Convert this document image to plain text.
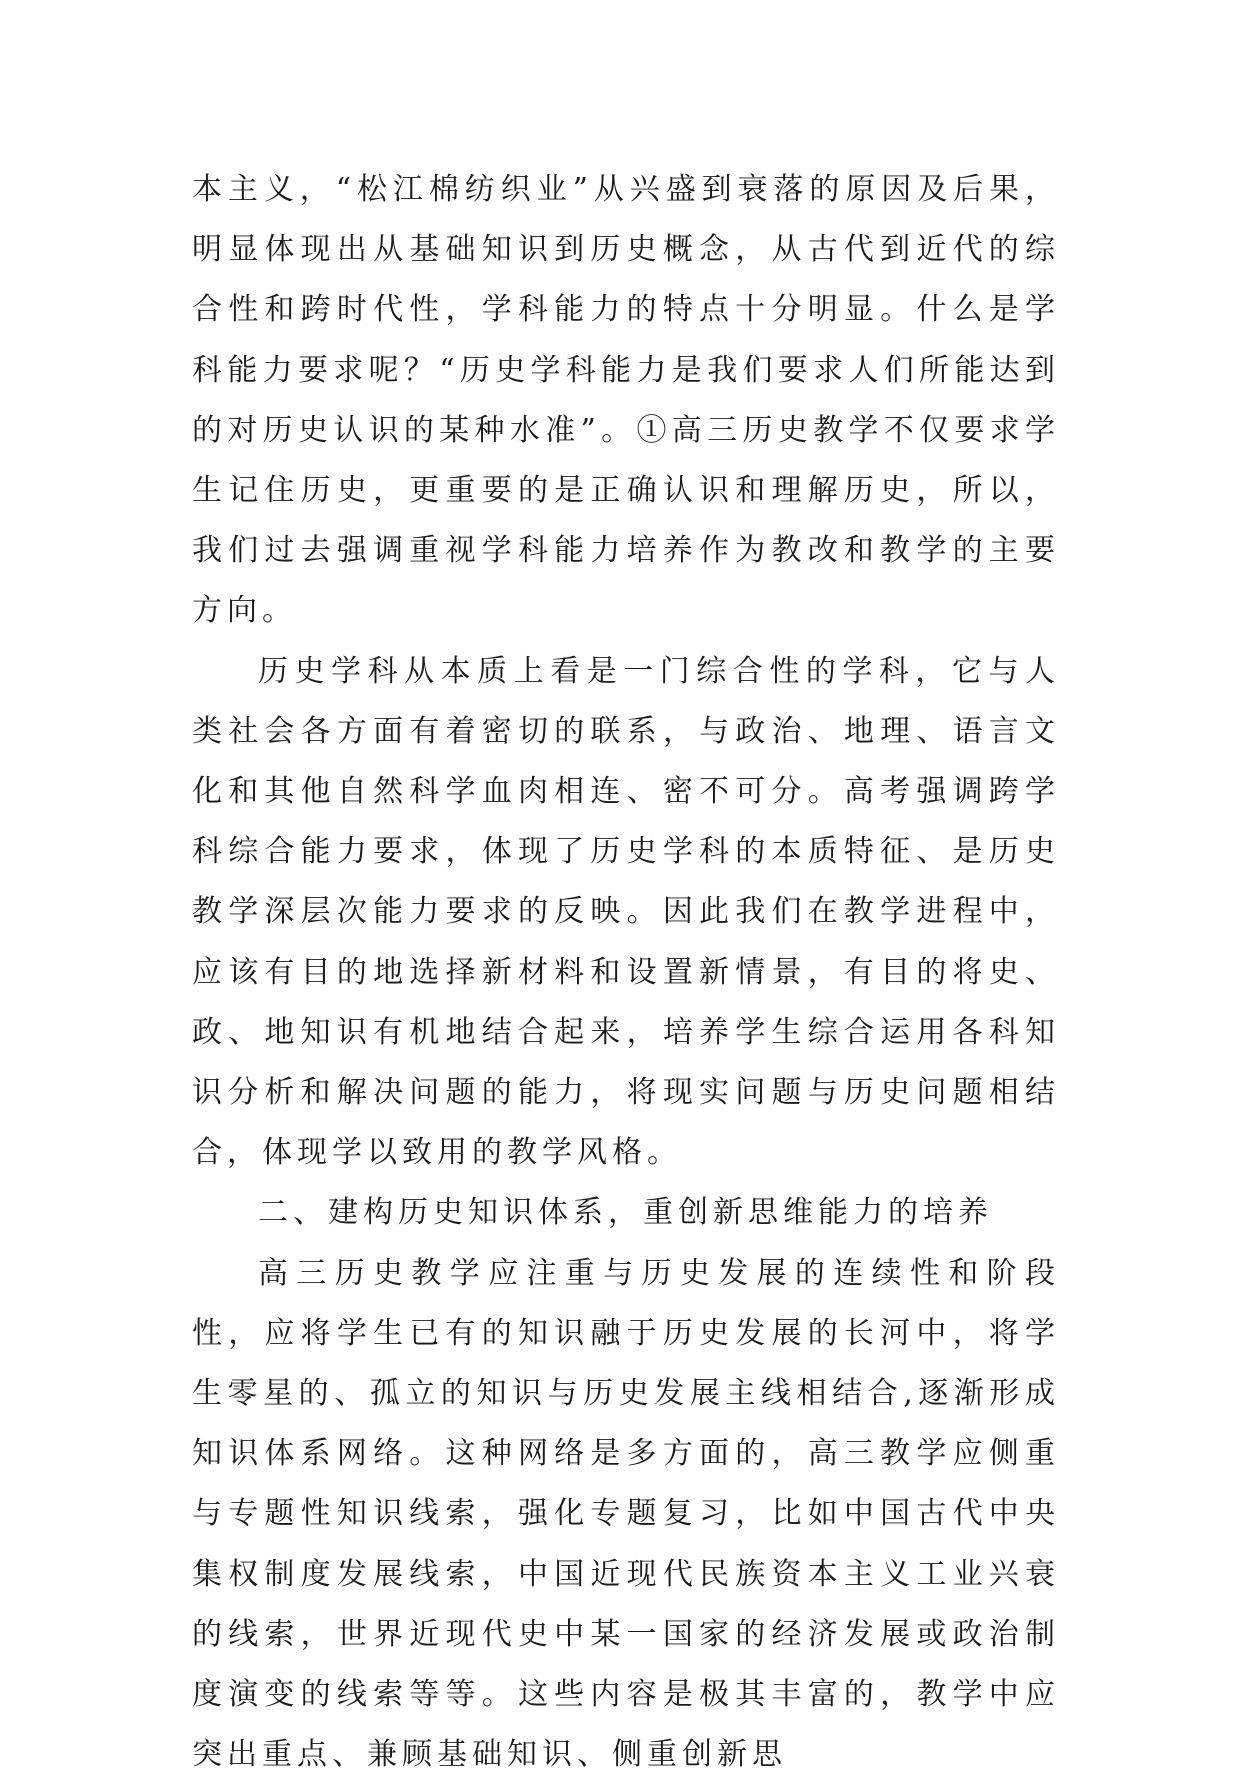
本主义，“松江棉纺织业”从兴盛到衰落的原因及后果，明显体现出从基础知识到历史概念，从古代到近代的综合性和跨时代性，学科能力的特点十分明显。什么是学科能力要求呢？“历史学科能力是我们要求人们所能达到的对历史认识的某种水准”。①高三历史教学不仅要求学生记住历史，更重要的是正确认识和理解历史，所以，我们过去强调重视学科能力培养作为教改和教学的主要方向。

历史学科从本质上看是一门综合性的学科，它与人类社会各方面有着密切的联系，与政治、地理、语言文化和其他自然科学血肉相连、密不可分。高考强调跨学科综合能力要求，体现了历史学科的本质特征、是历史教学深层次能力要求的反映。因此我们在教学进程中，应该有目的地选择新材料和设置新情景，有目的将史、政、地知识有机地结合起来，培养学生综合运用各科知识分析和解决问题的能力，将现实问题与历史问题相结合，体现学以致用的教学风格。

二、建构历史知识体系，重创新思维能力的培养

高三历史教学应注重与历史发展的连续性和阶段性，应将学生已有的知识融于历史发展的长河中，将学生零星的、孤立的知识与历史发展主线相结合,逐渐形成知识体系网络。这种网络是多方面的，高三教学应侧重与专题性知识线索，强化专题复习，比如中国古代中央集权制度发展线索，中国近现代民族资本主义工业兴衰的线索，世界近现代史中某一国家的经济发展或政治制度演变的线索等等。这些内容是极其丰富的，教学中应突出重点、兼顾基础知识、侧重创新思
